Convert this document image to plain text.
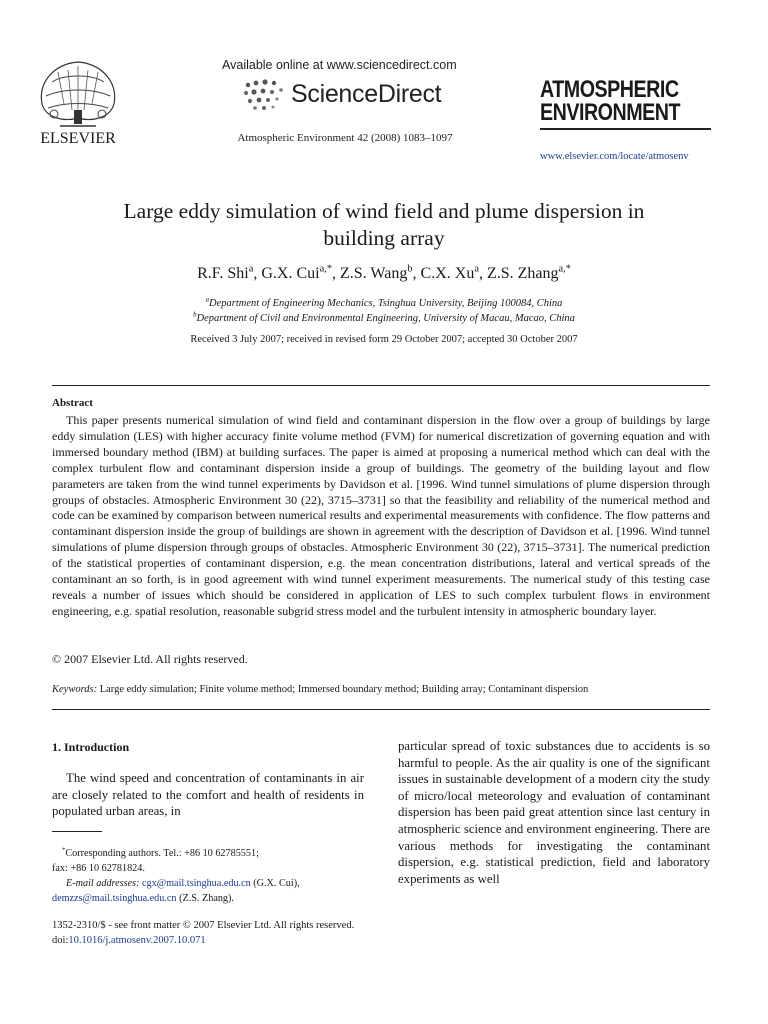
ELSEVIER
Available online at www.sciencedirect.com
ScienceDirect
Atmospheric Environment 42 (2008) 1083–1097
ATMOSPHERIC
ENVIRONMENT
www.elsevier.com/locate/atmosenv
Large eddy simulation of wind field and plume dispersion in
building array
R.F. Shi$^a$, G.X. Cui$^{a,*}$, Z.S. Wang$^b$, C.X. Xu$^a$, Z.S. Zhang$^{a,*}$
$^a$Department of Engineering Mechanics, Tsinghua University, Beijing 100084, China
$^b$Department of Civil and Environmental Engineering, University of Macau, Macao, China
Received 3 July 2007; received in revised form 29 October 2007; accepted 30 October 2007
Abstract

This paper presents numerical simulation of wind field and contaminant dispersion in the flow over a group of buildings by large eddy simulation (LES) with higher accuracy finite volume method (FVM) for numerical discretization of governing equation and with immersed boundary method (IBM) at building surfaces. The paper is aimed at proposing a numerical method which can deal with the complex turbulent flow and contaminant dispersion inside a group of buildings. The geometry of the building layout and flow parameters are taken from the wind tunnel experiments by Davidson et al. [1996. Wind tunnel simulations of plume dispersion through groups of obstacles. Atmospheric Environment 30 (22), 3715–3731] so that the feasibility and reliability of the numerical method and code can be examined by comparison between numerical results and experimental measurements with confidence. The flow patterns and contaminant dispersion inside the group of buildings are shown in agreement with the description of Davidson et al. [1996. Wind tunnel simulations of plume dispersion through groups of obstacles. Atmospheric Environment 30 (22), 3715–3731]. The numerical prediction of the statistical properties of contaminant dispersion, e.g. the mean concentration distributions, lateral and vertical spreads of the contaminant an so forth, is in good agreement with wind tunnel experiment measurements. The numerical study of this testing case reveals a number of issues which should be considered in application of LES to such complex turbulent flows in environment engineering, e.g. spatial resolution, reasonable subgrid stress model and the turbulent intensity in atmospheric boundary layer.

© 2007 Elsevier Ltd. All rights reserved.
Keywords: Large eddy simulation; Finite volume method; Immersed boundary method; Building array; Contaminant dispersion
1. Introduction
The wind speed and concentration of contaminants in air are closely related to the comfort and health of residents in populated urban areas, in
particular spread of toxic substances due to accidents is so harmful to people. As the air quality is one of the significant issues in sustainable development of a modern city the study of micro/local meteorology and evaluation of contaminant dispersion has been paid great attention since last century in atmospheric science and environment engineering. There are various methods for investigating the contaminant dispersion, e.g. statistical prediction, field and laboratory experiments as well
*Corresponding authors. Tel.: +86 10 62785551;
fax: +86 10 62781824.
E-mail addresses: cgx@mail.tsinghua.edu.cn (G.X. Cui),
demzzs@mail.tsinghua.edu.cn (Z.S. Zhang).
1352-2310/$ - see front matter © 2007 Elsevier Ltd. All rights reserved.
doi:10.1016/j.atmosenv.2007.10.071
